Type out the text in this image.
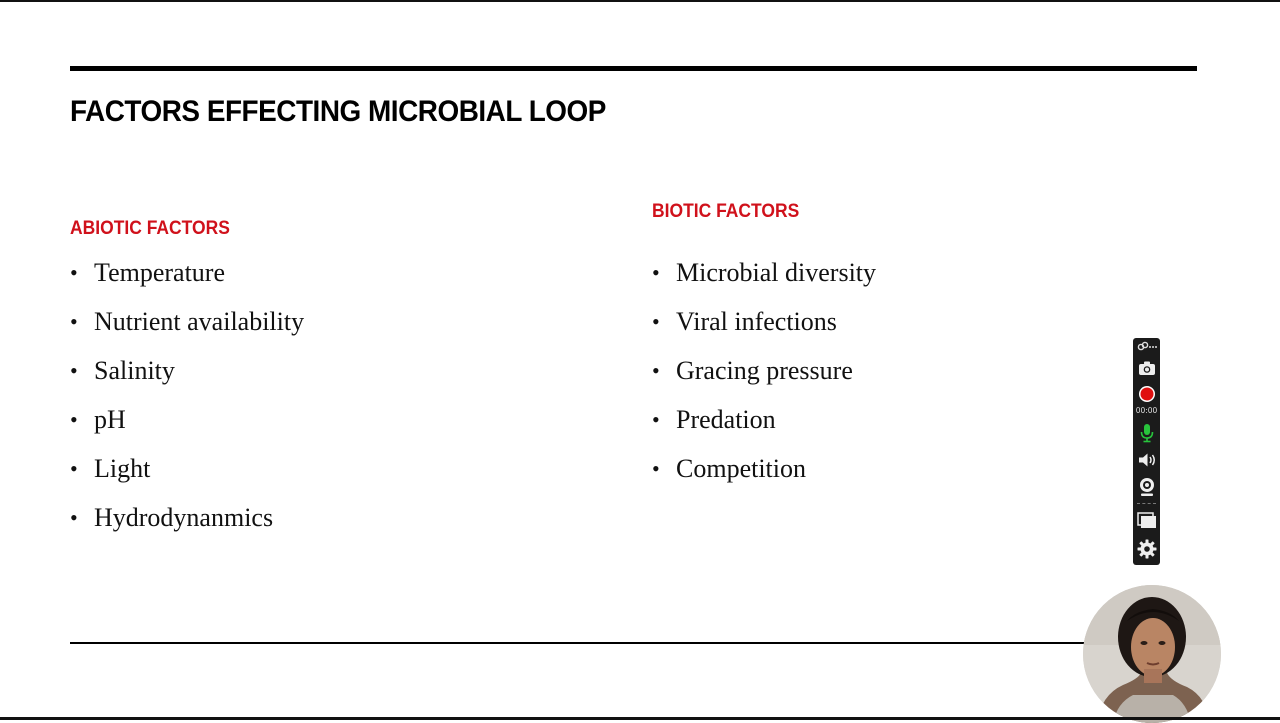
FACTORS EFFECTING MICROBIAL LOOP
ABIOTIC FACTORS
• Temperature
• Nutrient availability
• Salinity
• pH
• Light
• Hydrodynanmics
BIOTIC FACTORS
• Microbial diversity
• Viral infections
• Gracing pressure
• Predation
• Competition
00:00
